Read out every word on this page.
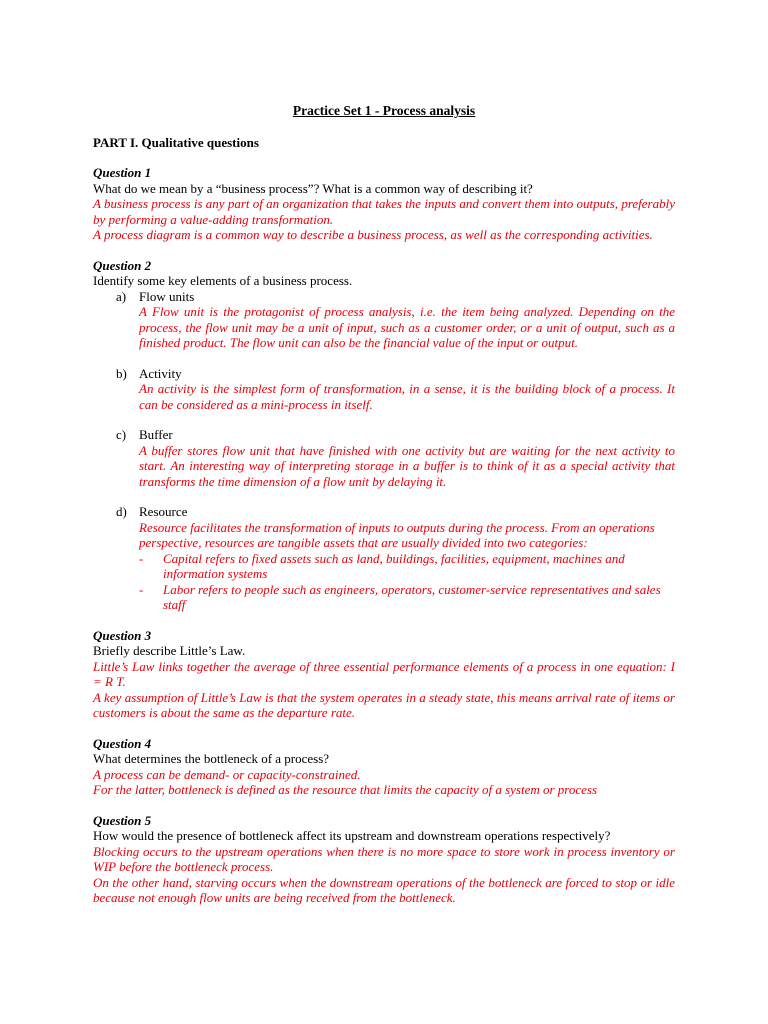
Practice Set 1 - Process analysis

PART I. Qualitative questions

Question 1

What do we mean by a “business process”? What is a common way of describing it?

A business process is any part of an organization that takes the inputs and convert them into outputs, preferably by performing a value-adding transformation.

A process diagram is a common way to describe a business process, as well as the corresponding activities.

Question 2

Identify some key elements of a business process.

a) Flow units

A Flow unit is the protagonist of process analysis, i.e. the item being analyzed. Depending on the process, the flow unit may be a unit of input, such as a customer order, or a unit of output, such as a finished product. The flow unit can also be the financial value of the input or output.

b) Activity

An activity is the simplest form of transformation, in a sense, it is the building block of a process. It can be considered as a mini-process in itself.

c) Buffer

A buffer stores flow unit that have finished with one activity but are waiting for the next activity to start. An interesting way of interpreting storage in a buffer is to think of it as a special activity that transforms the time dimension of a flow unit by delaying it.

d) Resource

Resource facilitates the transformation of inputs to outputs during the process. From an operations perspective, resources are tangible assets that are usually divided into two categories:

- Capital refers to fixed assets such as land, buildings, facilities, equipment, machines and information systems
- Labor refers to people such as engineers, operators, customer-service representatives and sales staff

Question 3

Briefly describe Little’s Law.

Little’s Law links together the average of three essential performance elements of a process in one equation: I = R T.

A key assumption of Little’s Law is that the system operates in a steady state, this means arrival rate of items or customers is about the same as the departure rate.

Question 4

What determines the bottleneck of a process?

A process can be demand- or capacity-constrained.

For the latter, bottleneck is defined as the resource that limits the capacity of a system or process

Question 5

How would the presence of bottleneck affect its upstream and downstream operations respectively?

Blocking occurs to the upstream operations when there is no more space to store work in process inventory or WIP before the bottleneck process.

On the other hand, starving occurs when the downstream operations of the bottleneck are forced to stop or idle because not enough flow units are being received from the bottleneck.
